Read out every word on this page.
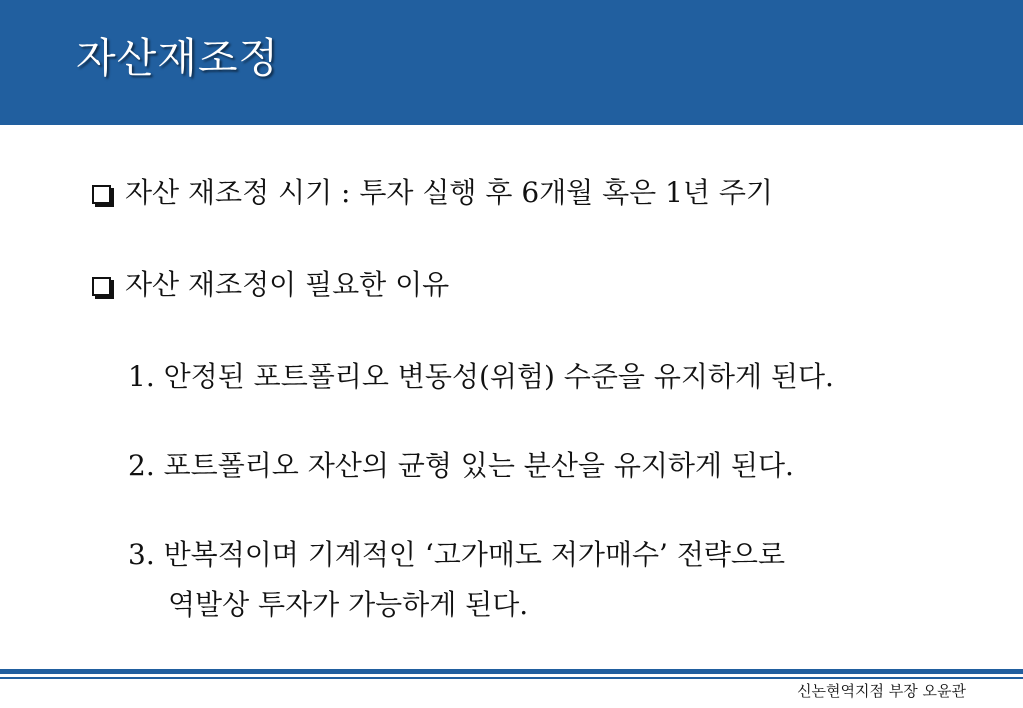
자산재조정
자산 재조정 시기 : 투자 실행 후 6개월 혹은 1년 주기
자산 재조정이 필요한 이유
1. 안정된 포트폴리오 변동성(위험) 수준을 유지하게 된다.
2. 포트폴리오 자산의 균형 있는 분산을 유지하게 된다.
3. 반복적이며 기계적인 ‘고가매도 저가매수’ 전략으로
역발상 투자가 가능하게 된다.
신논현역지점 부장 오윤관
